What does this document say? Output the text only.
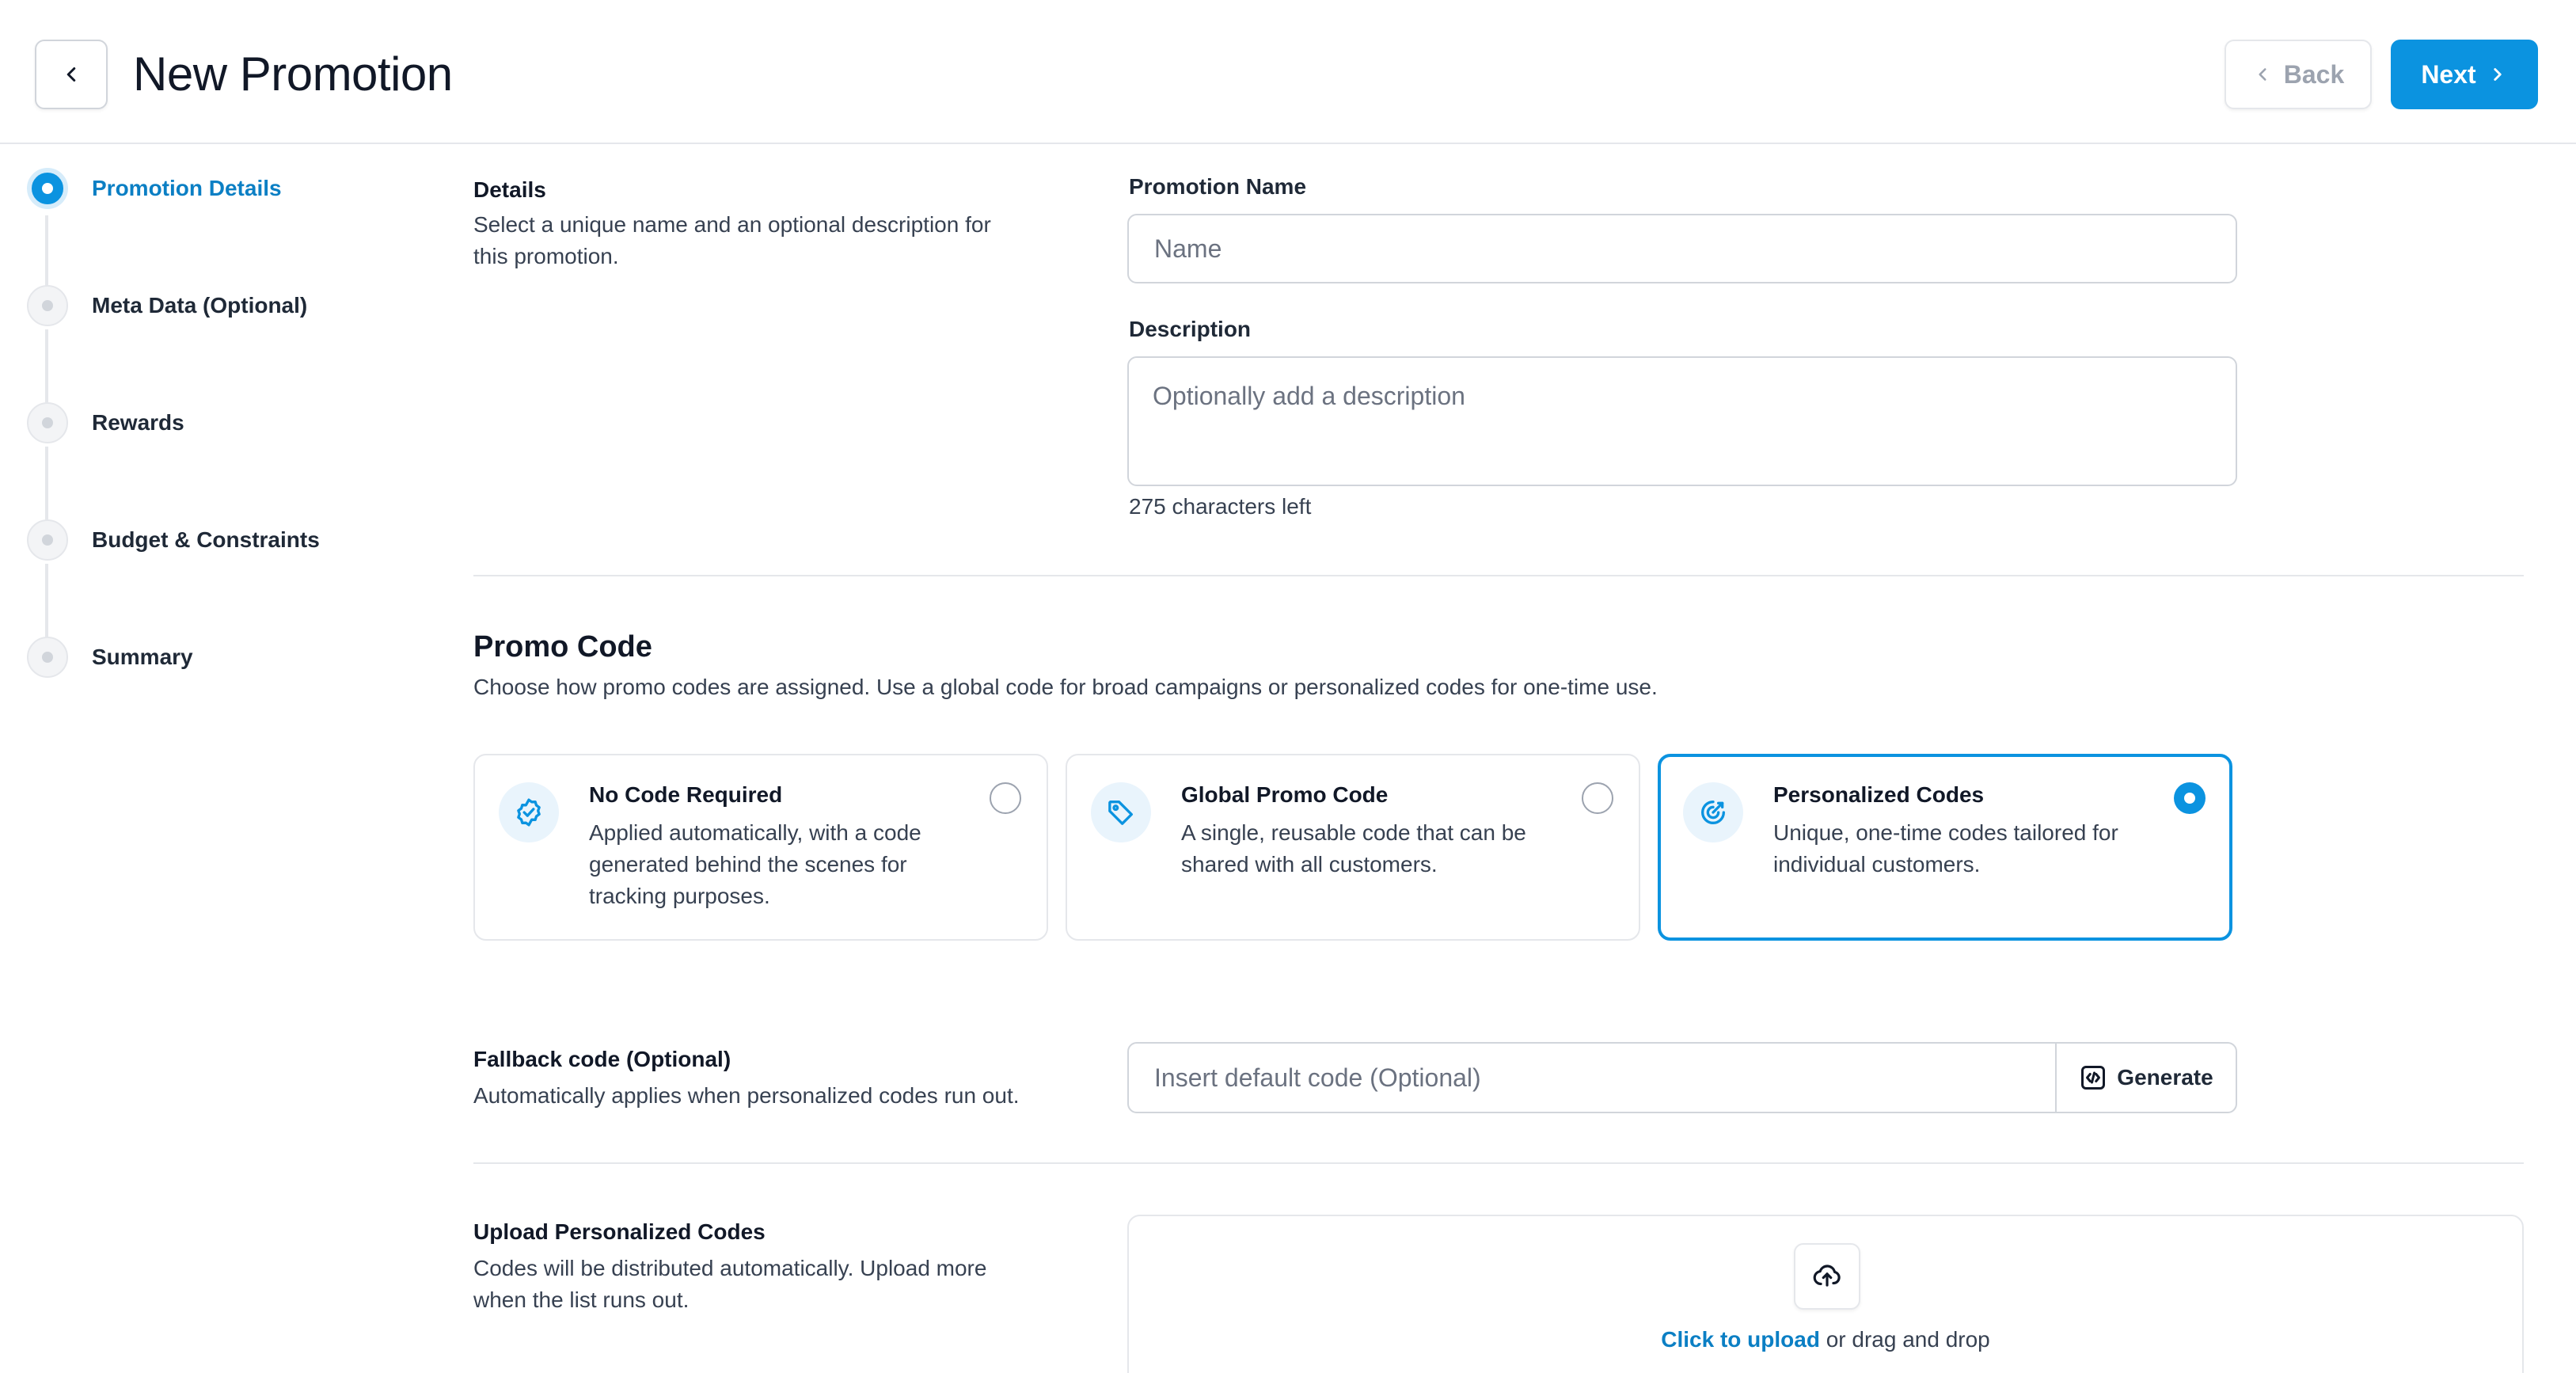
New Promotion	Back	Next
Promotion Details
Meta Data (Optional)
Rewards
Budget & Constraints
Summary
Details
Select a unique name and an optional description for
this promotion.
Promotion Name
Name
Description
Optionally add a description
275 characters left
Promo Code
Choose how promo codes are assigned. Use a global code for broad campaigns or personalized codes for one-time use.
No Code Required
Applied automatically, with a code
generated behind the scenes for
tracking purposes.
Global Promo Code
A single, reusable code that can be
shared with all customers.
Personalized Codes
Unique, one-time codes tailored for
individual customers.
Fallback code (Optional)
Automatically applies when personalized codes run out.
Insert default code (Optional)	Generate
Upload Personalized Codes
Codes will be distributed automatically. Upload more
when the list runs out.
Click to upload or drag and drop
